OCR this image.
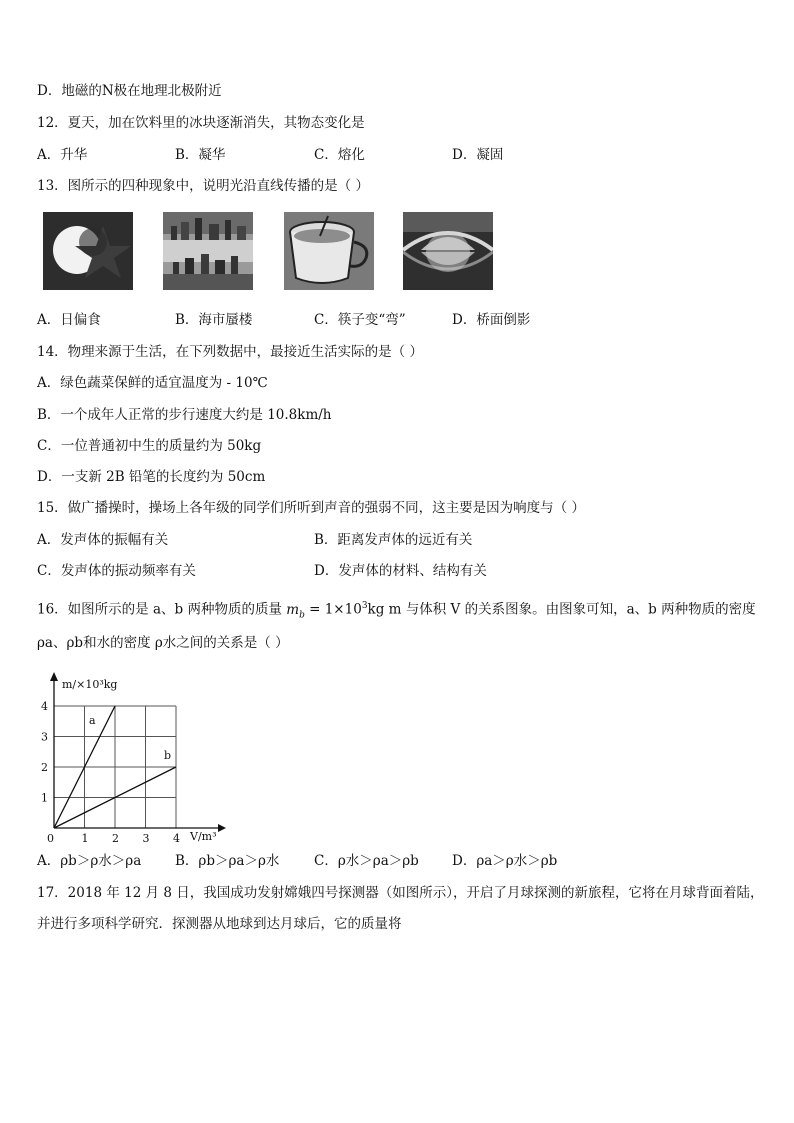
D．地磁的N极在地理北极附近
12．夏天，加在饮料里的冰块逐渐消失，其物态变化是
A．升华	B．凝华	C．熔化	D．凝固
13．图所示的四种现象中，说明光沿直线传播的是（ ）
A．日偏食	B．海市蜃楼	C．筷子变“弯”	D．桥面倒影
14．物理来源于生活，在下列数据中，最接近生活实际的是（ ）
A．绿色蔬菜保鲜的适宜温度为 - 10℃
B．一个成年人正常的步行速度大约是 10.8km/h
C．一位普通初中生的质量约为 50kg
D．一支新 2B 铅笔的长度约为 50cm
15．做广播操时，操场上各年级的同学们所听到声音的强弱不同，这主要是因为响度与（ ）
A．发声体的振幅有关	B．距离发声体的远近有关
C．发声体的振动频率有关	D．发声体的材料、结构有关
16．如图所示的是 a、b 两种物质的质量 $m_b = 1\times 10^3kg$ m 与体积 V 的关系图象。由图象可知，a、b 两种物质的密度
ρa、ρb和水的密度 ρ水之间的关系是（ ）
a
b
0	1 2 3 4
1
2
3
4
m/×10³kg
V/m³
A．ρb＞ρ水＞ρa	B．ρb＞ρa＞ρ水	C．ρ水＞ρa＞ρb D．ρa＞ρ水＞ρb
17．2018 年 12 月 8 日，我国成功发射嫦娥四号探测器（如图所示），开启了月球探测的新旅程，它将在月球背面着陆，
并进行多项科学研究．探测器从地球到达月球后，它的质量将
